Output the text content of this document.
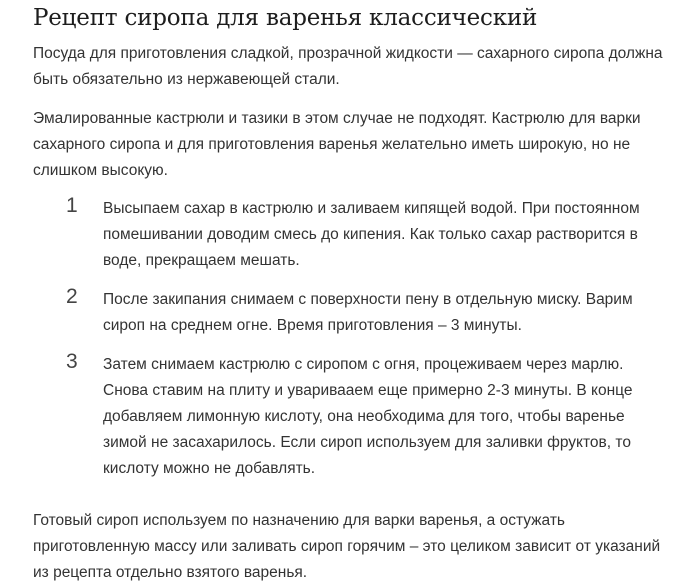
Рецепт сиропа для варенья классический

Посуда для приготовления сладкой, прозрачной жидкости — сахарного сиропа должна быть обязательно из нержавеющей стали.

Эмалированные кастрюли и тазики в этом случае не подходят. Кастрюлю для варки сахарного сиропа и для приготовления варенья желательно иметь широкую, но не слишком высокую.

1	Высыпаем сахар в кастрюлю и заливаем кипящей водой. При постоянном помешивании доводим смесь до кипения. Как только сахар растворится в воде, прекращаем мешать.
2	После закипания снимаем с поверхности пену в отдельную миску. Варим сироп на среднем огне. Время приготовления – 3 минуты.
3	Затем снимаем кастрюлю с сиропом с огня, процеживаем через марлю. Снова ставим на плиту и уваривааем еще примерно 2-3 минуты. В конце добавляем лимонную кислоту, она необходима для того, чтобы варенье зимой не засахарилось. Если сироп используем для заливки фруктов, то кислоту можно не добавлять.

Готовый сироп используем по назначению для варки варенья, а остужать приготовленную массу или заливать сироп горячим – это целиком зависит от указаний из рецепта отдельно взятого варенья.
